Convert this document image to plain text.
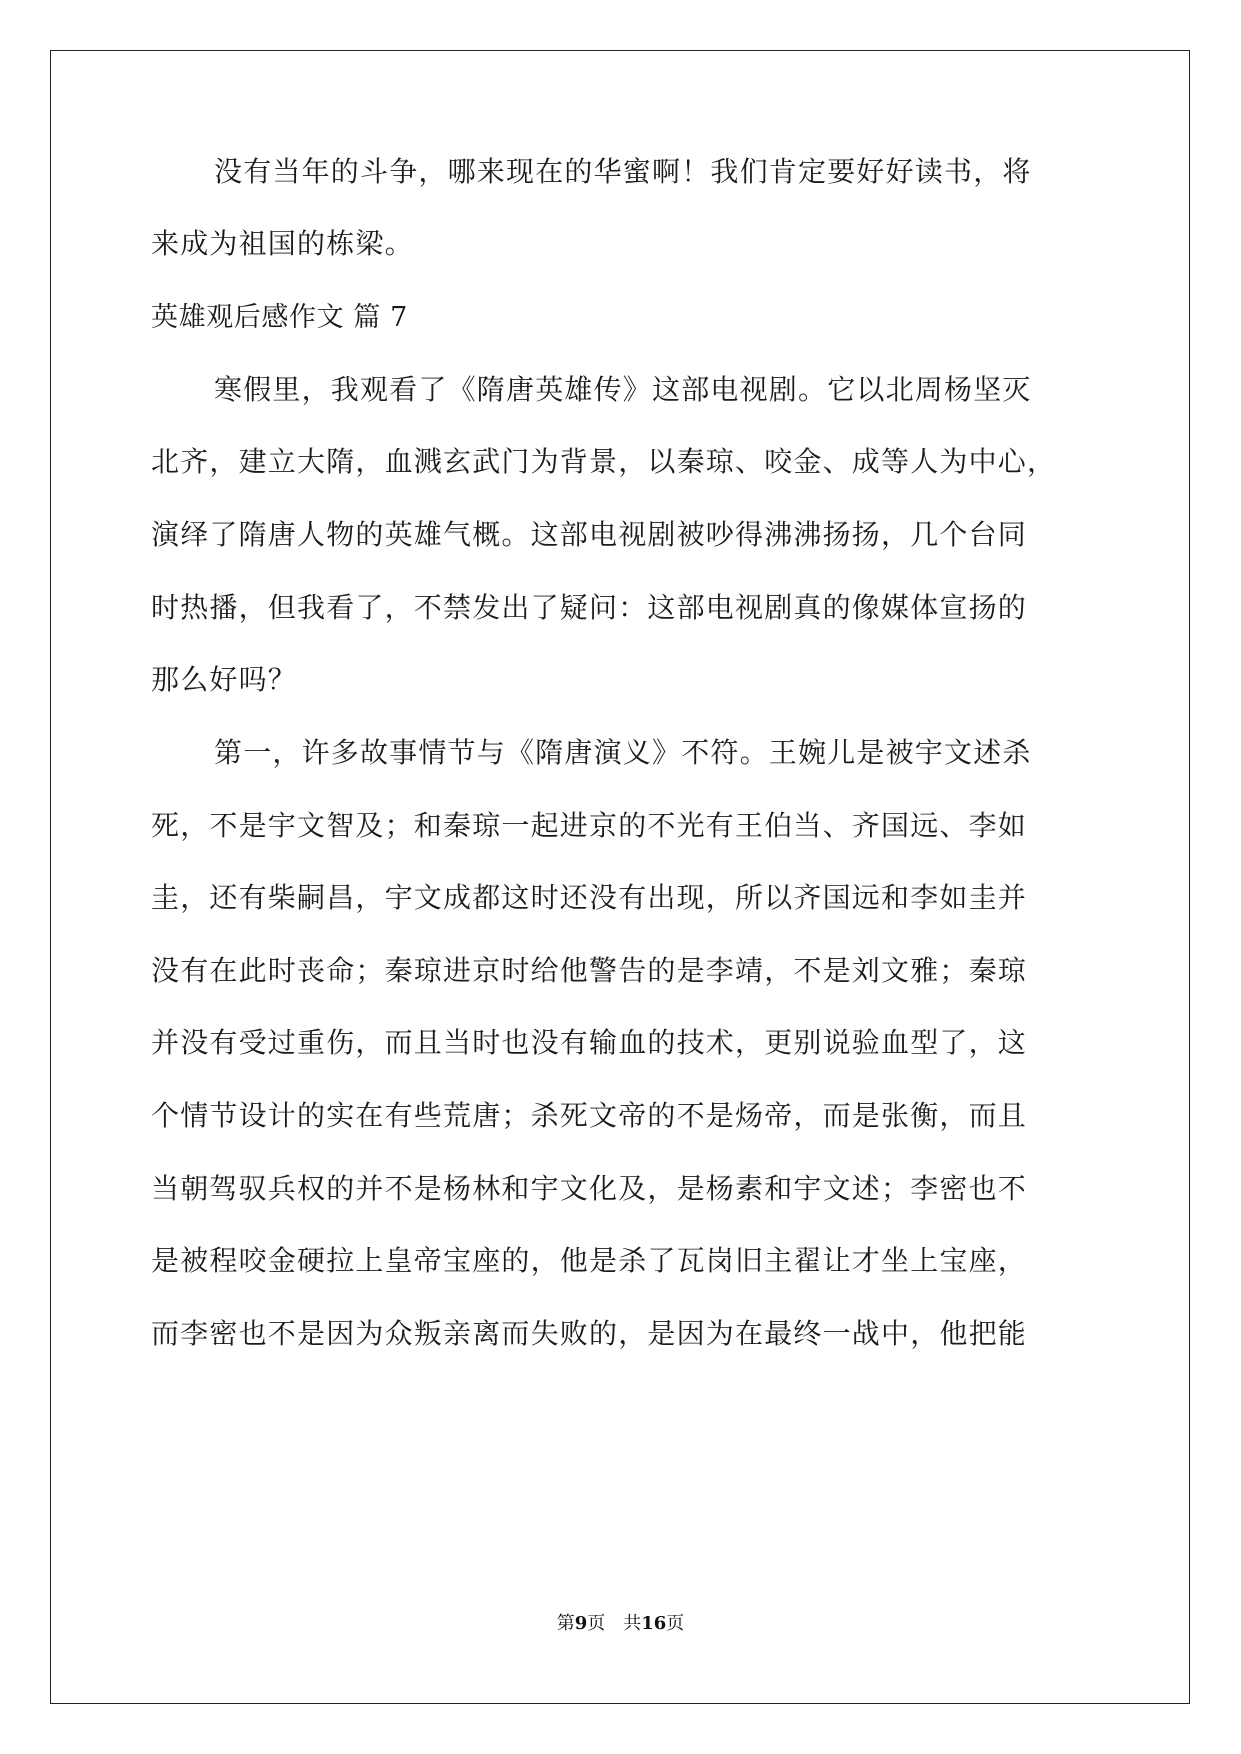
没有当年的斗争，哪来现在的华蜜啊！我们肯定要好好读书，将
来成为祖国的栋梁。
英雄观后感作文 篇 7
寒假里，我观看了《隋唐英雄传》这部电视剧。它以北周杨坚灭
北齐，建立大隋，血溅玄武门为背景，以秦琼、咬金、成等人为中心，
演绎了隋唐人物的英雄气概。这部电视剧被吵得沸沸扬扬，几个台同
时热播，但我看了，不禁发出了疑问：这部电视剧真的像媒体宣扬的
那么好吗？
第一，许多故事情节与《隋唐演义》不符。王婉儿是被宇文述杀
死，不是宇文智及；和秦琼一起进京的不光有王伯当、齐国远、李如
圭，还有柴嗣昌，宇文成都这时还没有出现，所以齐国远和李如圭并
没有在此时丧命；秦琼进京时给他警告的是李靖，不是刘文雅；秦琼
并没有受过重伤，而且当时也没有输血的技术，更别说验血型了，这
个情节设计的实在有些荒唐；杀死文帝的不是炀帝，而是张衡，而且
当朝驾驭兵权的并不是杨林和宇文化及，是杨素和宇文述；李密也不
是被程咬金硬拉上皇帝宝座的，他是杀了瓦岗旧主翟让才坐上宝座，
而李密也不是因为众叛亲离而失败的，是因为在最终一战中，他把能
第9页　共16页
